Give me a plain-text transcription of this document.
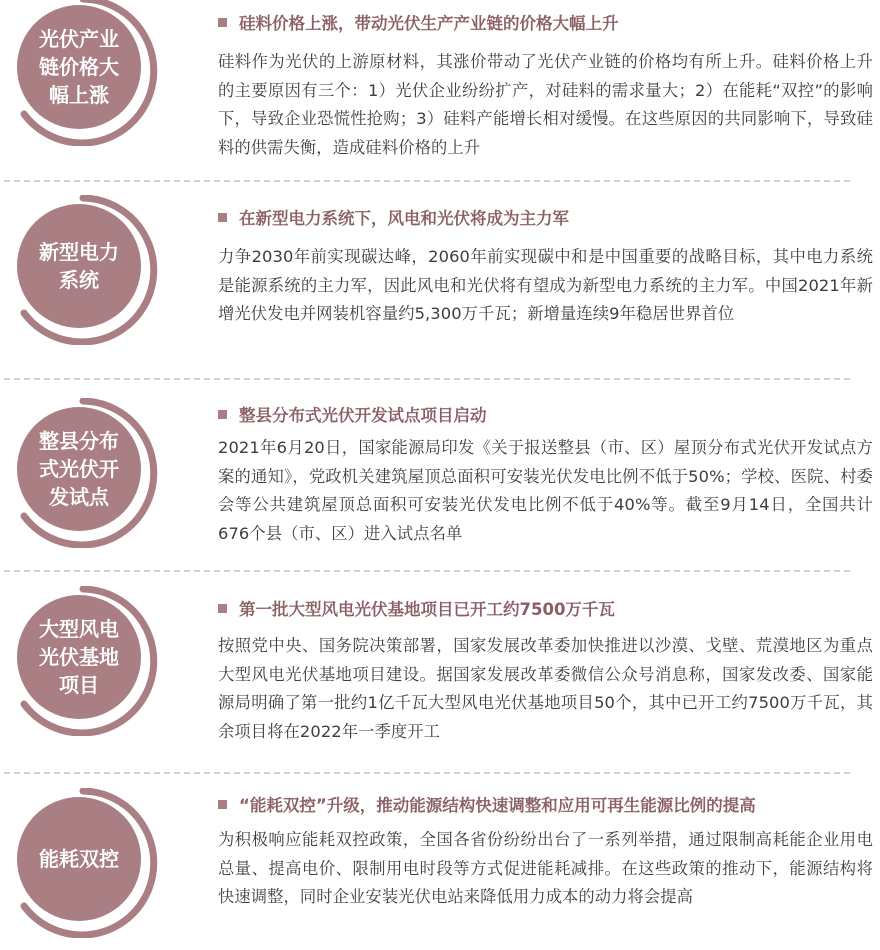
光伏产业
链价格大
幅上涨
硅料价格上涨，带动光伏生产产业链的价格大幅上升
硅料作为光伏的上游原材料，其涨价带动了光伏产业链的价格均有所上升。硅料价格上升的主要原因有三个：1）光伏企业纷纷扩产，对硅料的需求量大；2）在能耗“双控”的影响下，导致企业恐慌性抢购；3）硅料产能增长相对缓慢。在这些原因的共同影响下，导致硅料的供需失衡，造成硅料价格的上升
新型电力
系统
在新型电力系统下，风电和光伏将成为主力军
力争2030年前实现碳达峰，2060年前实现碳中和是中国重要的战略目标，其中电力系统是能源系统的主力军，因此风电和光伏将有望成为新型电力系统的主力军。中国2021年新增光伏发电并网装机容量约5,300万千瓦；新增量连续9年稳居世界首位
整县分布
式光伏开
发试点
整县分布式光伏开发试点项目启动
2021年6月20日，国家能源局印发《关于报送整县（市、区）屋顶分布式光伏开发试点方案的通知》，党政机关建筑屋顶总面积可安装光伏发电比例不低于50%；学校、医院、村委会等公共建筑屋顶总面积可安装光伏发电比例不低于40%等。截至9月14日，全国共计676个县（市、区）进入试点名单
大型风电
光伏基地
项目
第一批大型风电光伏基地项目已开工约7500万千瓦
按照党中央、国务院决策部署，国家发展改革委加快推进以沙漠、戈壁、荒漠地区为重点大型风电光伏基地项目建设。据国家发展改革委微信公众号消息称，国家发改委、国家能源局明确了第一批约1亿千瓦大型风电光伏基地项目50个，其中已开工约7500万千瓦，其余项目将在2022年一季度开工
能耗双控
“能耗双控”升级，推动能源结构快速调整和应用可再生能源比例的提高
为积极响应能耗双控政策，全国各省份纷纷出台了一系列举措，通过限制高耗能企业用电总量、提高电价、限制用电时段等方式促进能耗减排。在这些政策的推动下，能源结构将快速调整，同时企业安装光伏电站来降低用力成本的动力将会提高
